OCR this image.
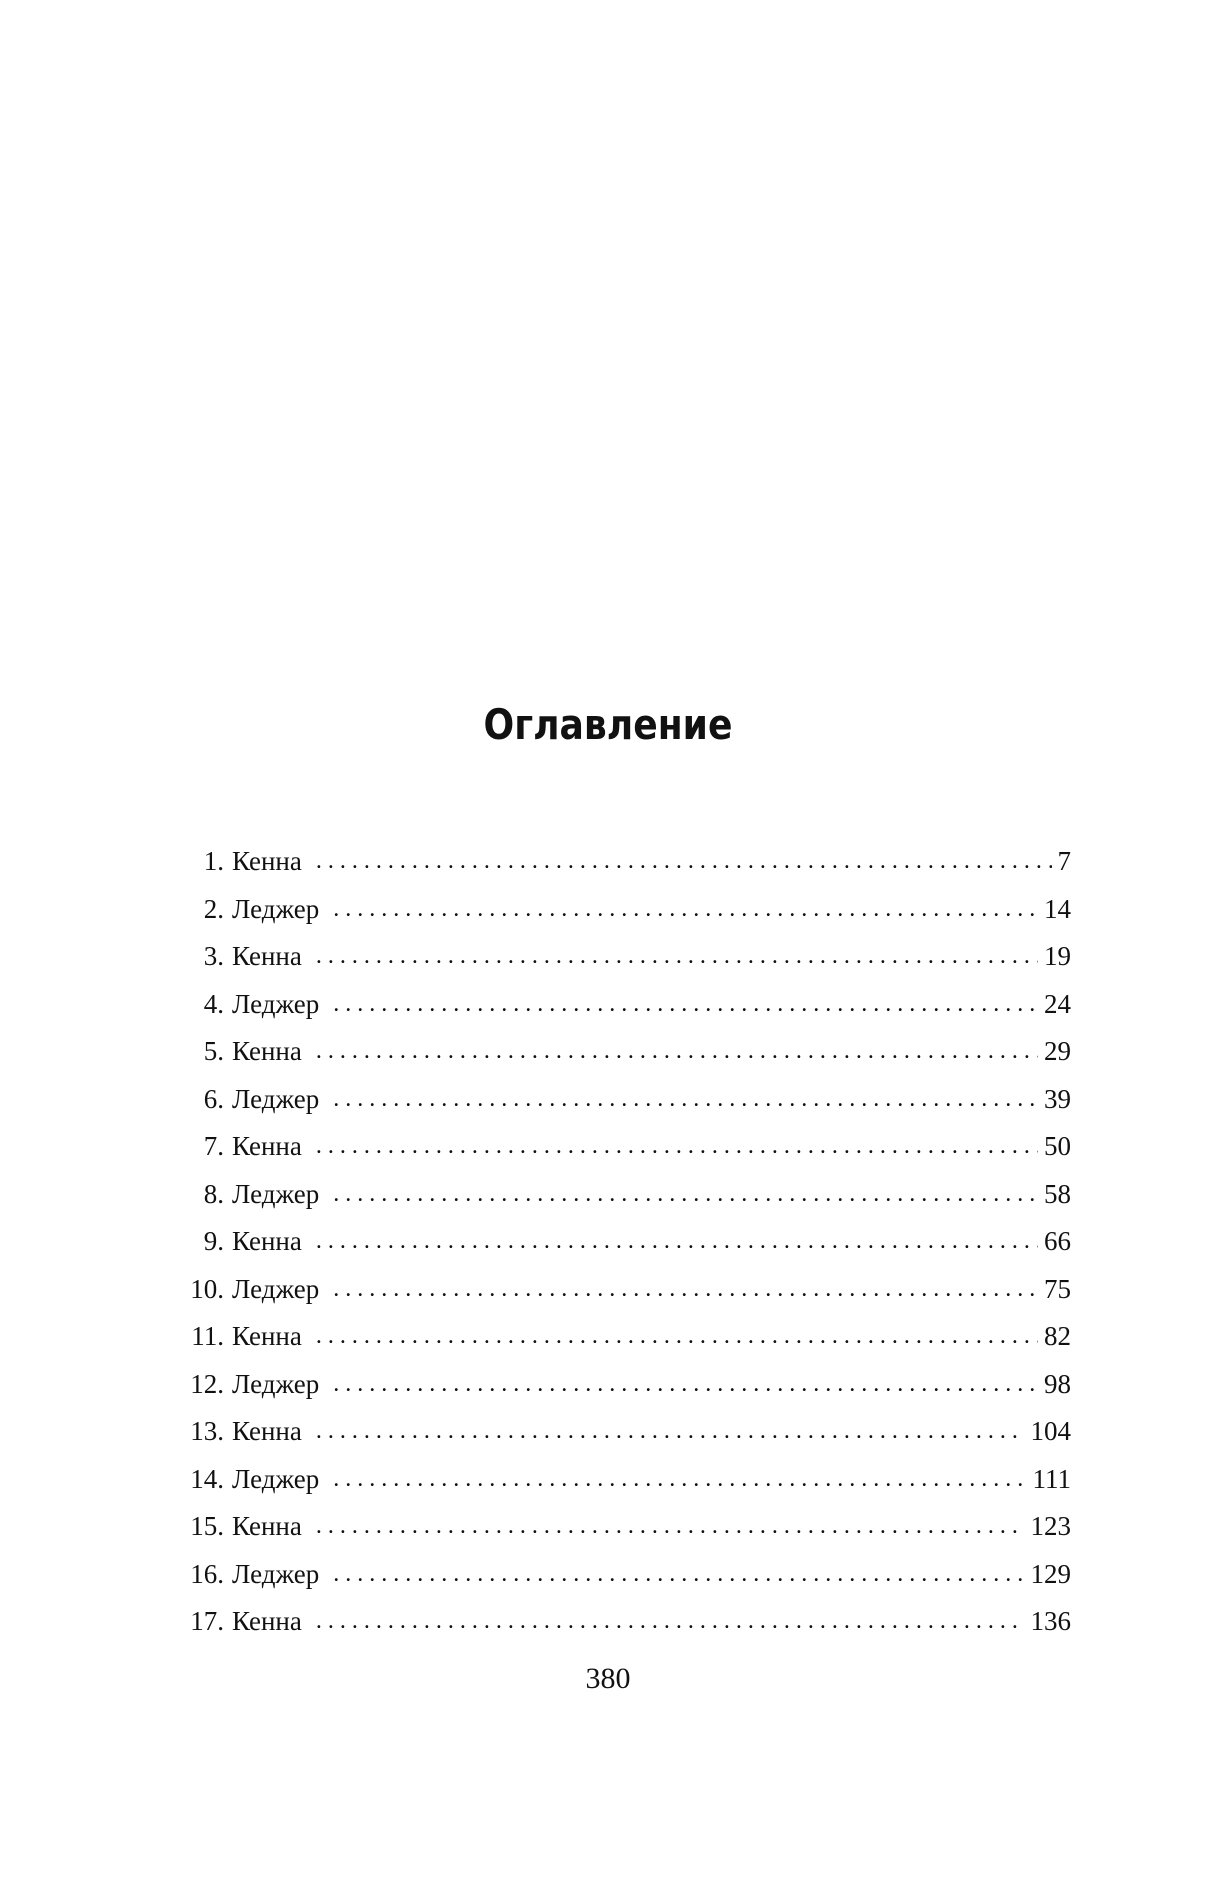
Оглавление
1. Кенна . . .	7
2. Леджер . . .	14
3. Кенна . . .	19
4. Леджер . . .	24
5. Кенна . . .	29
6. Леджер . . .	39
7. Кенна . . .	50
8. Леджер . . .	58
9. Кенна . . .	66
10. Леджер . . .	75
11. Кенна . . .	82
12. Леджер . . .	98
13. Кенна . . .	104
14. Леджер . . .	111
15. Кенна . . .	123
16. Леджер . . .	129
17. Кенна . . .	136
380
